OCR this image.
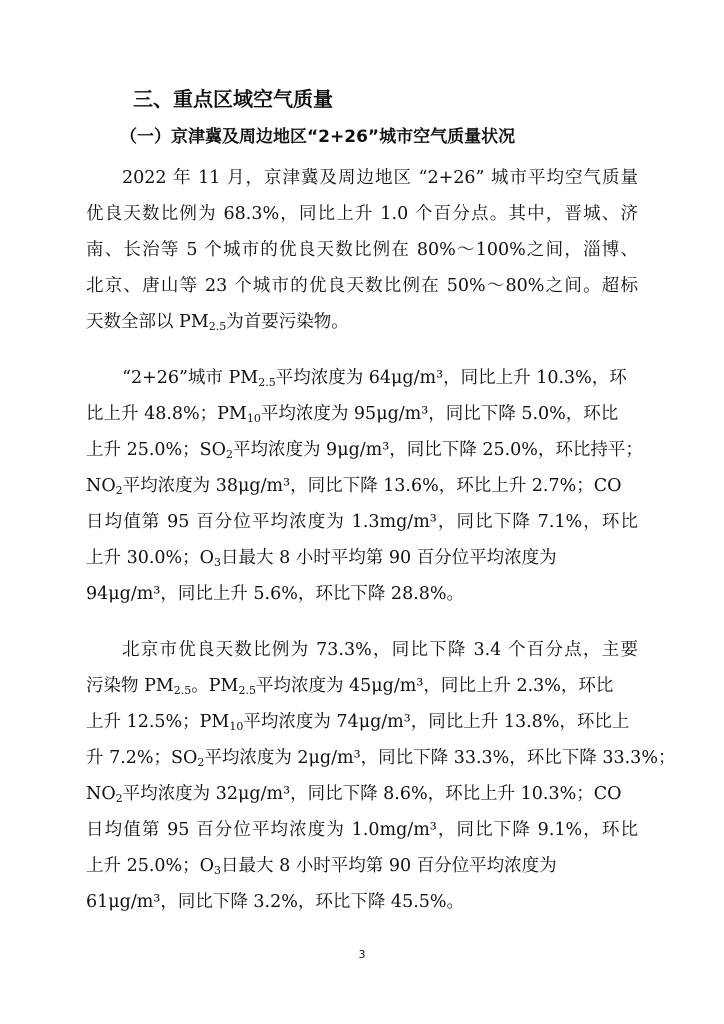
三、重点区域空气质量
（一）京津冀及周边地区“2+26”城市空气质量状况
2022 年 11 月，京津冀及周边地区 “2+26” 城市平均空气质量
优良天数比例为 68.3%，同比上升 1.0 个百分点。其中，晋城、济
南、长治等 5 个城市的优良天数比例在 80%～100%之间，淄博、
北京、唐山等 23 个城市的优良天数比例在 50%～80%之间。超标
天数全部以 $PM_{2.5}$为首要污染物。
“2+26”城市 $PM_{2.5}$平均浓度为 64μg/m³，同比上升 10.3%，环
比上升 48.8%；$PM_{10}$平均浓度为 95μg/m³，同比下降 5.0%，环比
上升 25.0%；$SO_2$平均浓度为 9μg/m³，同比下降 25.0%，环比持平；
$NO_2$平均浓度为 38μg/m³，同比下降 13.6%，环比上升 2.7%；CO
日均值第 95 百分位平均浓度为 1.3mg/m³，同比下降 7.1%，环比
上升 30.0%；$O_3$日最大 8 小时平均第 90 百分位平均浓度为
94μg/m³，同比上升 5.6%，环比下降 28.8%。
北京市优良天数比例为 73.3%，同比下降 3.4 个百分点，主要
污染物 $PM_{2.5}$。$PM_{2.5}$平均浓度为 45μg/m³，同比上升 2.3%，环比
上升 12.5%；$PM_{10}$平均浓度为 74μg/m³，同比上升 13.8%，环比上
升 7.2%；$SO_2$平均浓度为 2μg/m³，同比下降 33.3%，环比下降 33.3%；
$NO_2$平均浓度为 32μg/m³，同比下降 8.6%，环比上升 10.3%；CO
日均值第 95 百分位平均浓度为 1.0mg/m³，同比下降 9.1%，环比
上升 25.0%；$O_3$日最大 8 小时平均第 90 百分位平均浓度为
61μg/m³，同比下降 3.2%，环比下降 45.5%。
3
